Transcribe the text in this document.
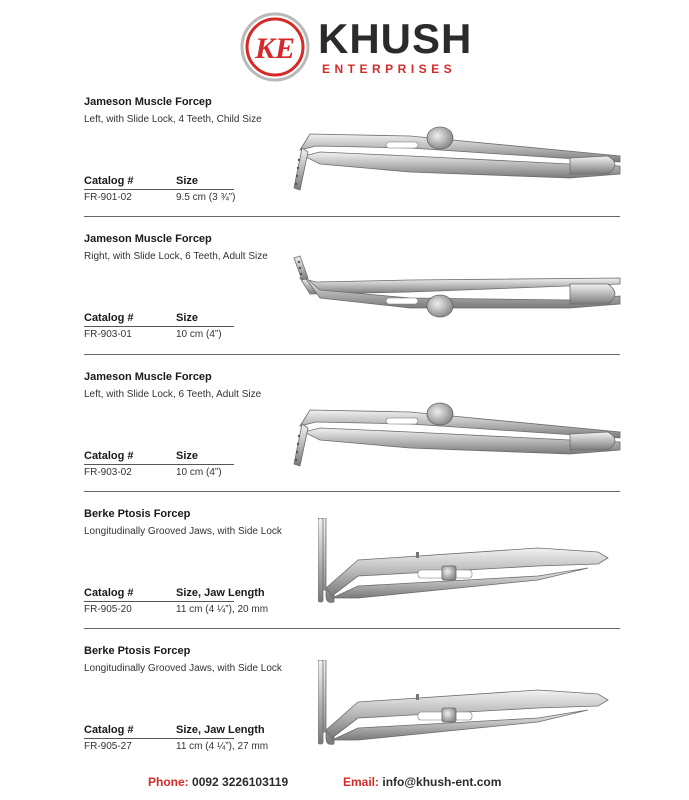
KE KHUSH
ENTERPRISES
Jameson Muscle Forcep
Left, with Slide Lock, 4 Teeth, Child Size
Catalog #	Size
FR-901-02	9.5 cm (3 ¾”)
Jameson Muscle Forcep
Right, with Slide Lock, 6 Teeth, Adult Size
Catalog #	Size
FR-903-01	10 cm (4”)
Jameson Muscle Forcep
Left, with Slide Lock, 6 Teeth, Adult Size
Catalog #	Size
FR-903-02	10 cm (4”)
Berke Ptosis Forcep
Longitudinally Grooved Jaws, with Side Lock
Catalog #	Size, Jaw Length
FR-905-20	11 cm (4 ¼”), 20 mm
Berke Ptosis Forcep
Longitudinally Grooved Jaws, with Side Lock
Catalog #	Size, Jaw Length
FR-905-27	11 cm (4 ¼”), 27 mm
Phone: 0092 3226103119	Email: info@khush-ent.com
